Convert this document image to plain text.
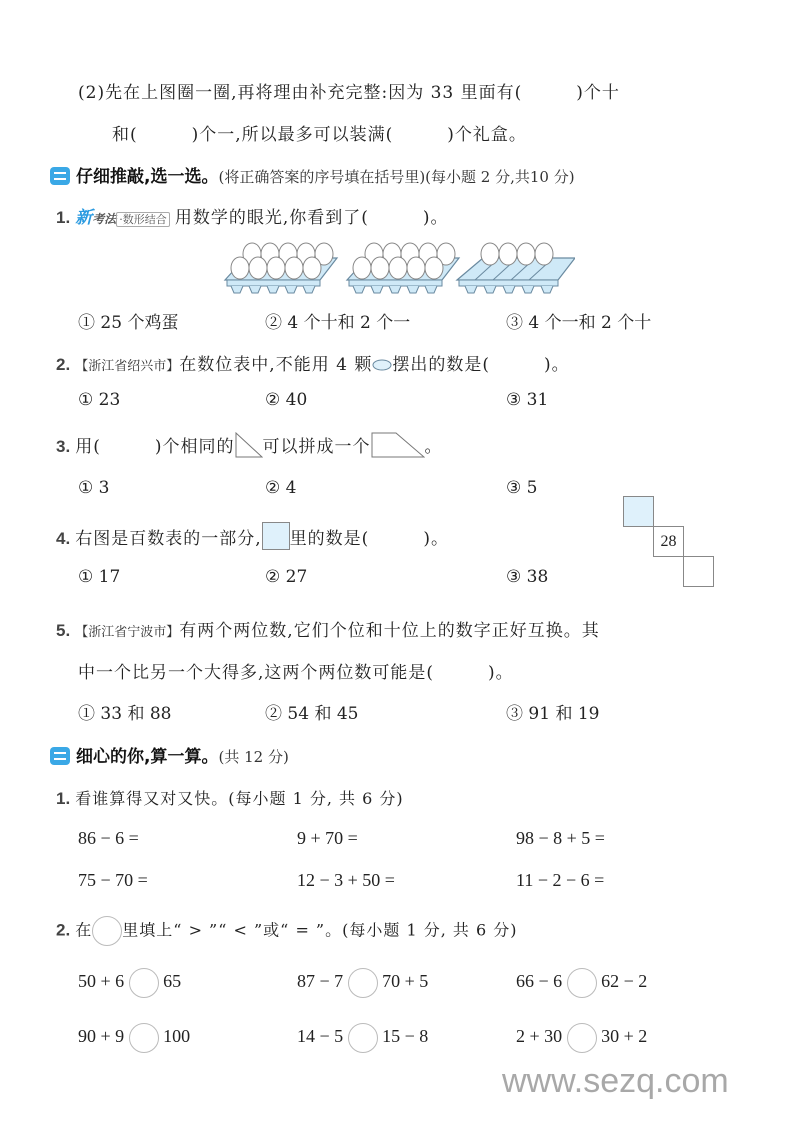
(2)先在上图圈一圈,再将理由补充完整:因为 33 里面有(　　　)个十
和(　　　)个一,所以最多可以装满(　　　)个礼盒。
仔细推敲,选一选。(将正确答案的序号填在括号里)(每小题 2 分,共10 分)
1. 新考法 ·数形结合 用数学的眼光,你看到了(　　　)。
① 25 个鸡蛋	② 4 个十和 2 个一	③ 4 个一和 2 个十
2. 【浙江省绍兴市】在数位表中,不能用 4 颗 摆出的数是(　　　)。
① 23	② 40	③ 31
3. 用(　　　)个相同的 可以拼成一个	。
① 3	② 4	③ 5
4. 右图是百数表的一部分, 里的数是(　　　)。	28
① 17	② 27	③ 38
5. 【浙江省宁波市】有两个两位数,它们个位和十位上的数字正好互换。其
中一个比另一个大得多,这两个两位数可能是(　　　)。
① 33 和 88	② 54 和 45	③ 91 和 19
细心的你,算一算。(共 12 分)
1. 看谁算得又对又快。(每小题 1 分, 共 6 分)
86 − 6 =	9 + 70 =	98 − 8 + 5 =
75 − 70 =	12 − 3 + 50 =	11 − 2 − 6 =
2. 在 里填上“ > ”“ < ”或“ = ”。(每小题 1 分, 共 6 分)
50 + 6 65	87 − 7 70 + 5	66 − 6 62 − 2
90 + 9 100	14 − 5 15 − 8	2 + 30 30 + 2
www.sezq.com
